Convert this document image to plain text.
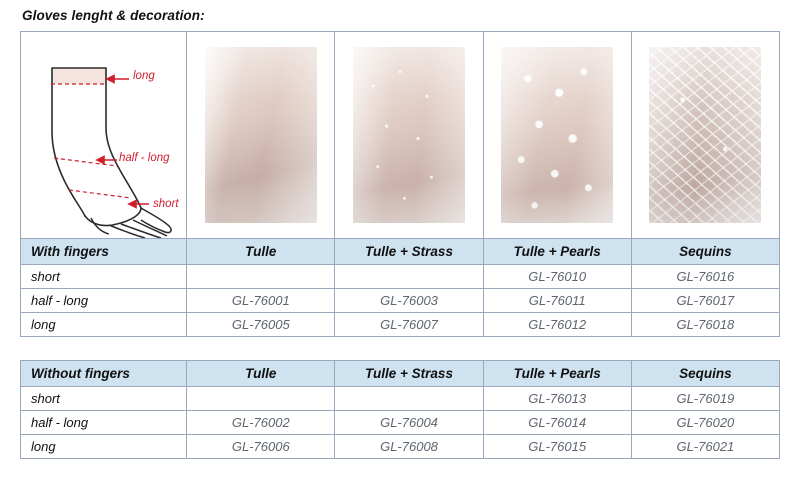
Gloves lenght & decoration:
long
half - long
short				

With fingers	Tulle	Tulle + Strass	Tulle + Pearls	Sequins
short			GL-76010	GL-76016
half - long	GL-76001	GL-76003	GL-76011	GL-76017
long	GL-76005	GL-76007	GL-76012	GL-76018
Without fingers	Tulle	Tulle + Strass	Tulle + Pearls	Sequins
short			GL-76013	GL-76019
half - long	GL-76002	GL-76004	GL-76014	GL-76020
long	GL-76006	GL-76008	GL-76015	GL-76021
